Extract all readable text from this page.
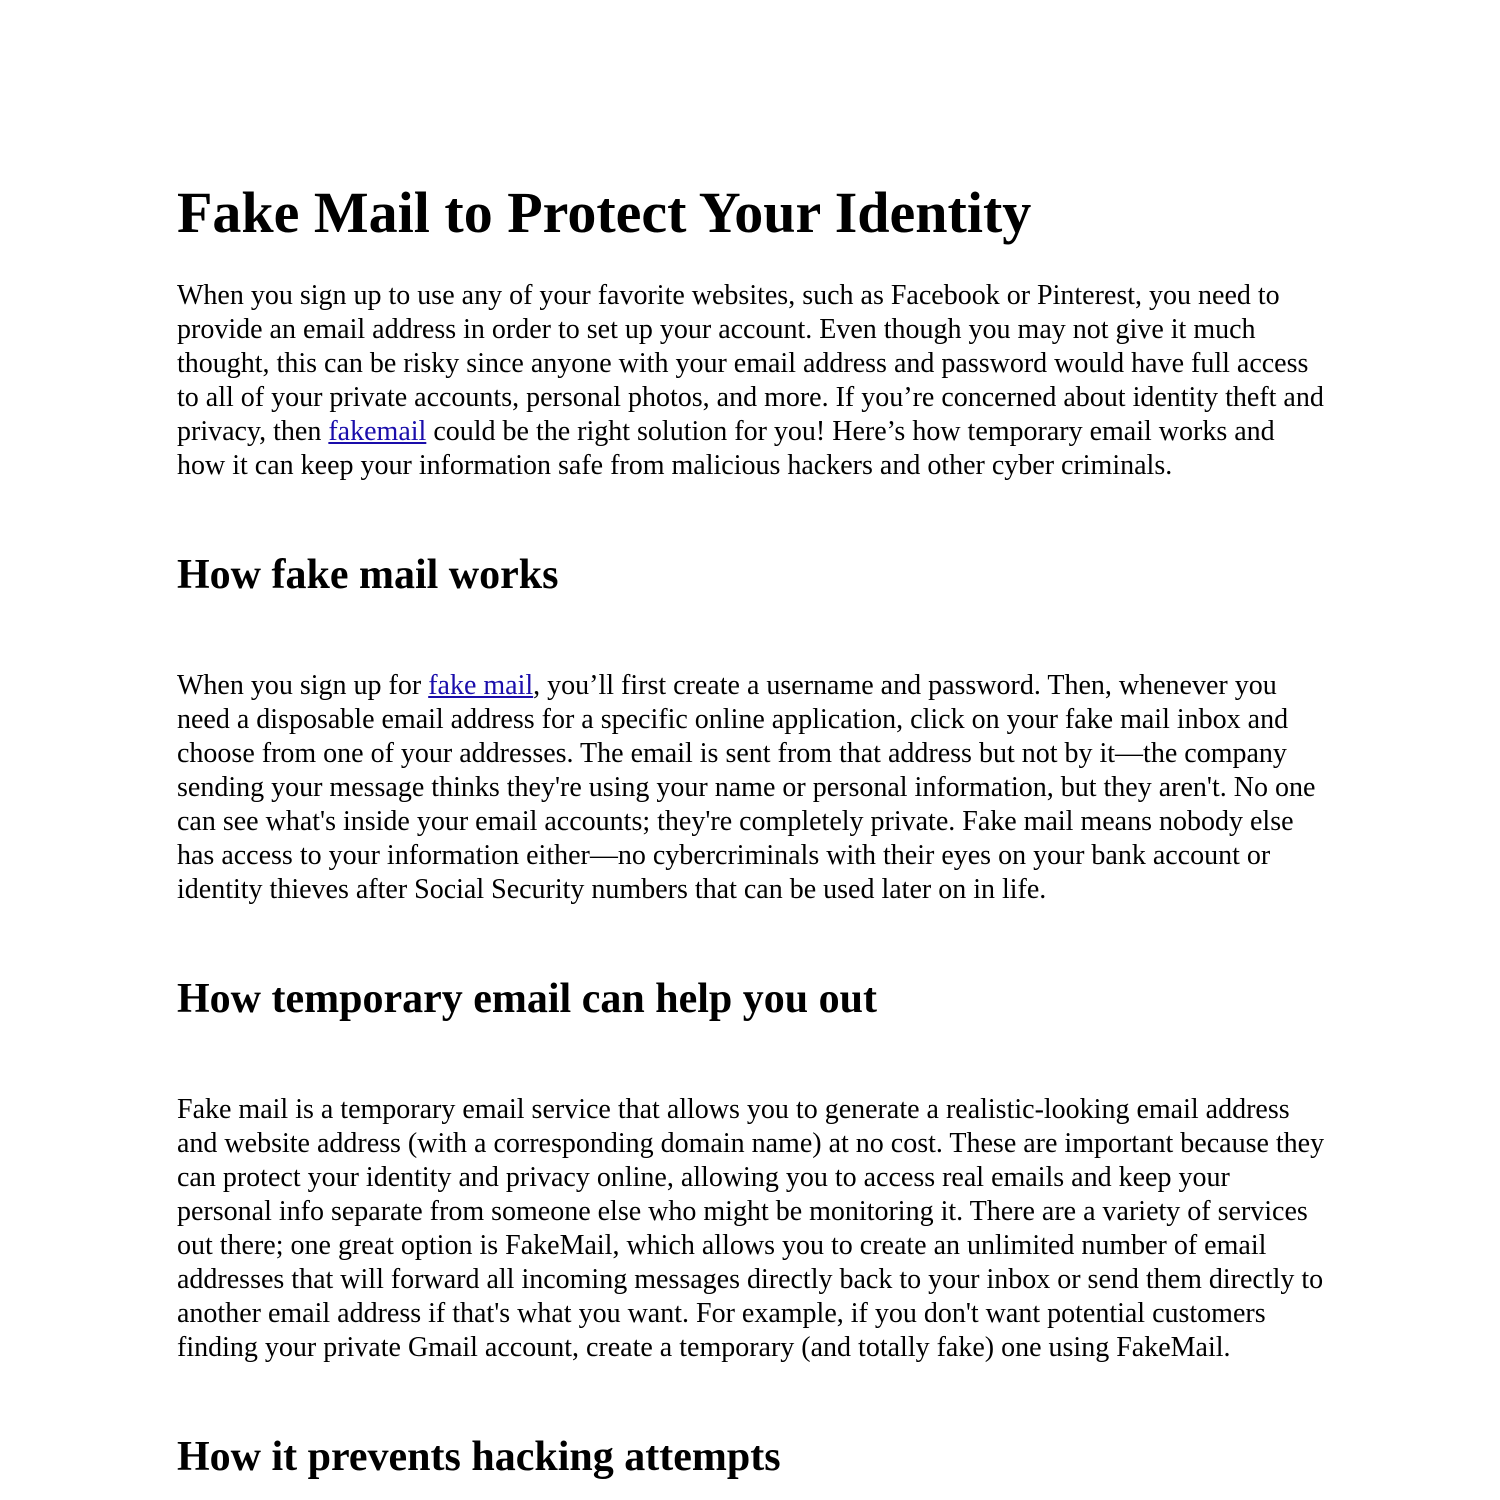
Fake Mail to Protect Your Identity

When you sign up to use any of your favorite websites, such as Facebook or Pinterest, you need to provide an email address in order to set up your account. Even though you may not give it much thought, this can be risky since anyone with your email address and password would have full access to all of your private accounts, personal photos, and more. If you’re concerned about identity theft and privacy, then fakemail could be the right solution for you! Here’s how temporary email works and how it can keep your information safe from malicious hackers and other cyber criminals.

How fake mail works

When you sign up for fake mail, you’ll first create a username and password. Then, whenever you need a disposable email address for a specific online application, click on your fake mail inbox and choose from one of your addresses. The email is sent from that address but not by it—the company sending your message thinks they're using your name or personal information, but they aren't. No one can see what's inside your email accounts; they're completely private. Fake mail means nobody else has access to your information either—no cybercriminals with their eyes on your bank account or identity thieves after Social Security numbers that can be used later on in life.

How temporary email can help you out

Fake mail is a temporary email service that allows you to generate a realistic-looking email address and website address (with a corresponding domain name) at no cost. These are important because they can protect your identity and privacy online, allowing you to access real emails and keep your personal info separate from someone else who might be monitoring it. There are a variety of services out there; one great option is FakeMail, which allows you to create an unlimited number of email addresses that will forward all incoming messages directly back to your inbox or send them directly to another email address if that's what you want. For example, if you don't want potential customers finding your private Gmail account, create a temporary (and totally fake) one using FakeMail.

How it prevents hacking attempts
